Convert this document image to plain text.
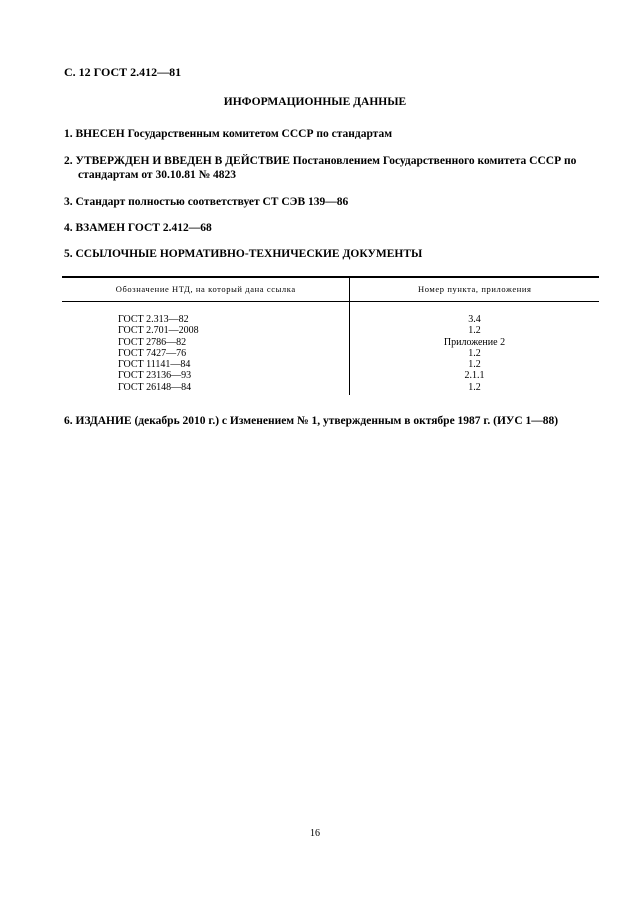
С. 12 ГОСТ 2.412—81
ИНФОРМАЦИОННЫЕ ДАННЫЕ
1. ВНЕСЕН Государственным комитетом СССР по стандартам
2. УТВЕРЖДЕН И ВВЕДЕН В ДЕЙСТВИЕ Постановлением Государственного комитета СССР по
стандартам от 30.10.81 № 4823
3. Стандарт полностью соответствует СТ СЭВ 139—86
4. ВЗАМЕН ГОСТ 2.412—68
5. ССЫЛОЧНЫЕ НОРМАТИВНО-ТЕХНИЧЕСКИЕ ДОКУМЕНТЫ
Обозначение НТД, на который дана ссылка	Номер пункта, приложения
ГОСТ 2.313—82
ГОСТ 2.701—2008
ГОСТ 2786—82
ГОСТ 7427—76
ГОСТ 11141—84
ГОСТ 23136—93
ГОСТ 26148—84
3.4
1.2
Приложение 2
1.2
1.2
2.1.1
1.2
6. ИЗДАНИЕ (декабрь 2010 г.) с Изменением № 1, утвержденным в октябре 1987 г. (ИУС 1—88)
16
